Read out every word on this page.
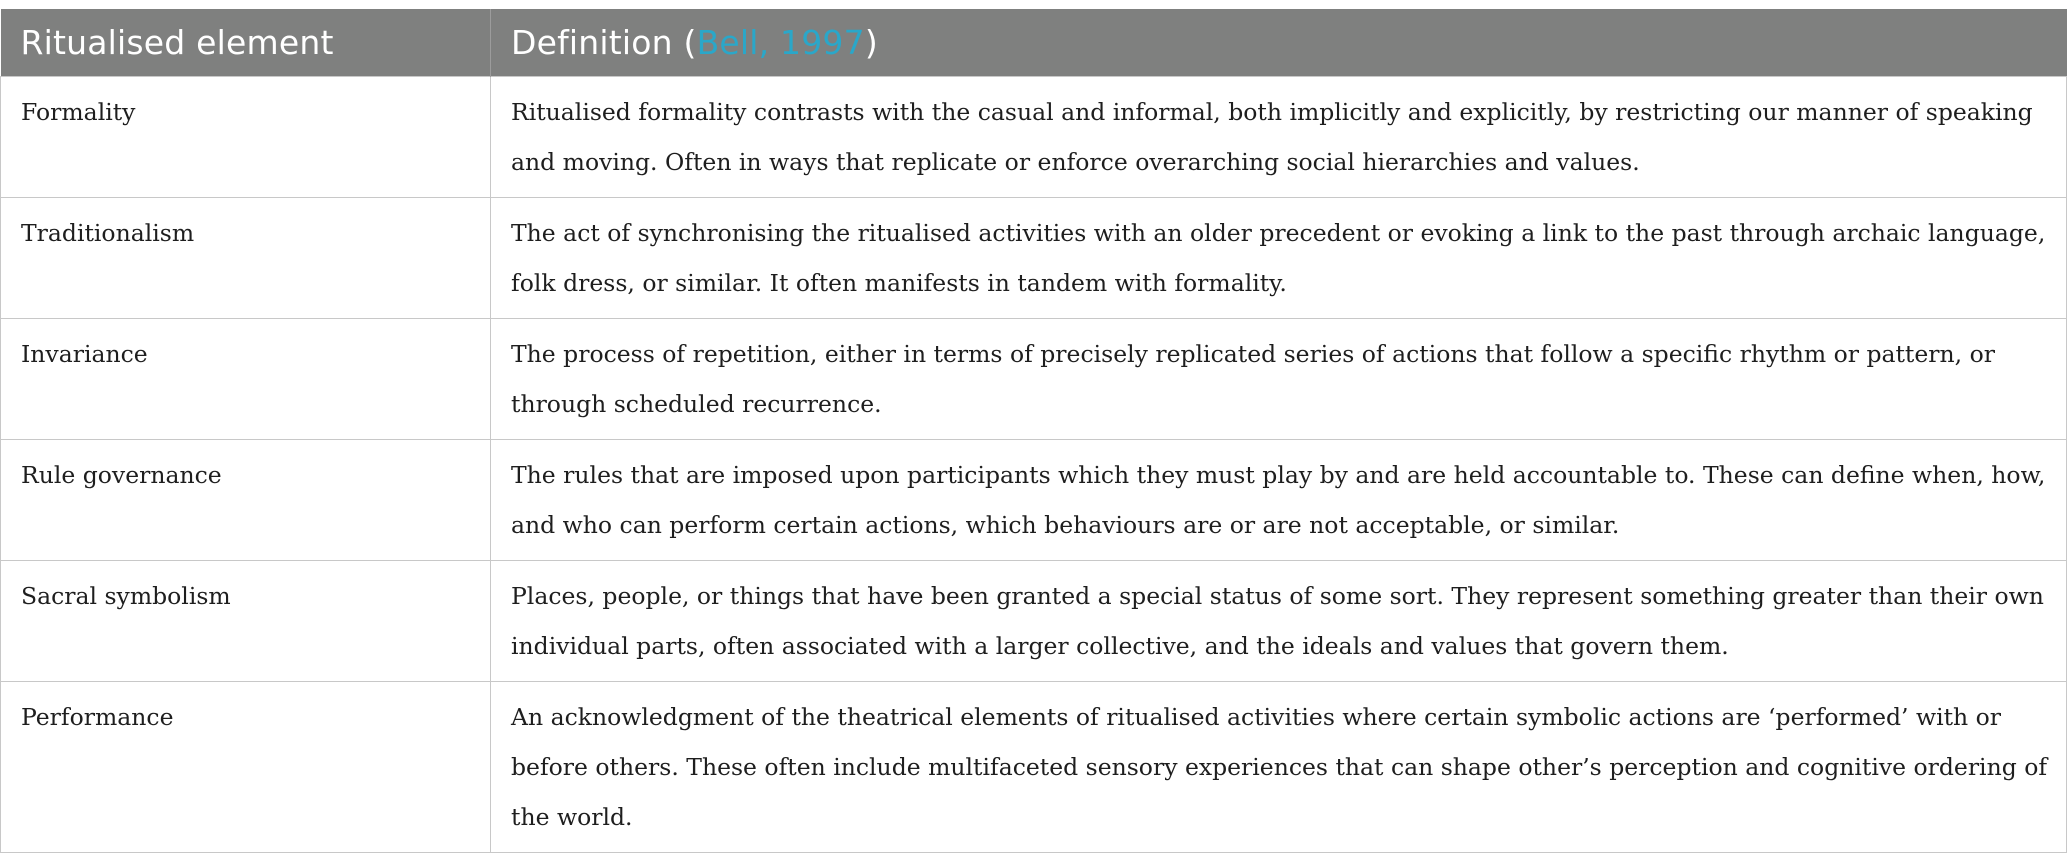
Ritualised element	Definition (Bell, 1997)
Formality	Ritualised formality contrasts with the casual and informal, both implicitly and explicitly, by restricting our manner of speaking and moving. Often in ways that replicate or enforce overarching social hierarchies and values.
Traditionalism	The act of synchronising the ritualised activities with an older precedent or evoking a link to the past through archaic language, folk dress, or similar. It often manifests in tandem with formality.
Invariance	The process of repetition, either in terms of precisely replicated series of actions that follow a specific rhythm or pattern, or through scheduled recurrence.
Rule governance	The rules that are imposed upon participants which they must play by and are held accountable to. These can define when, how, and who can perform certain actions, which behaviours are or are not acceptable, or similar.
Sacral symbolism	Places, people, or things that have been granted a special status of some sort. They represent something greater than their own individual parts, often associated with a larger collective, and the ideals and values that govern them.
Performance	An acknowledgment of the theatrical elements of ritualised activities where certain symbolic actions are ‘performed’ with or before others. These often include multifaceted sensory experiences that can shape other’s perception and cognitive ordering of the world.
